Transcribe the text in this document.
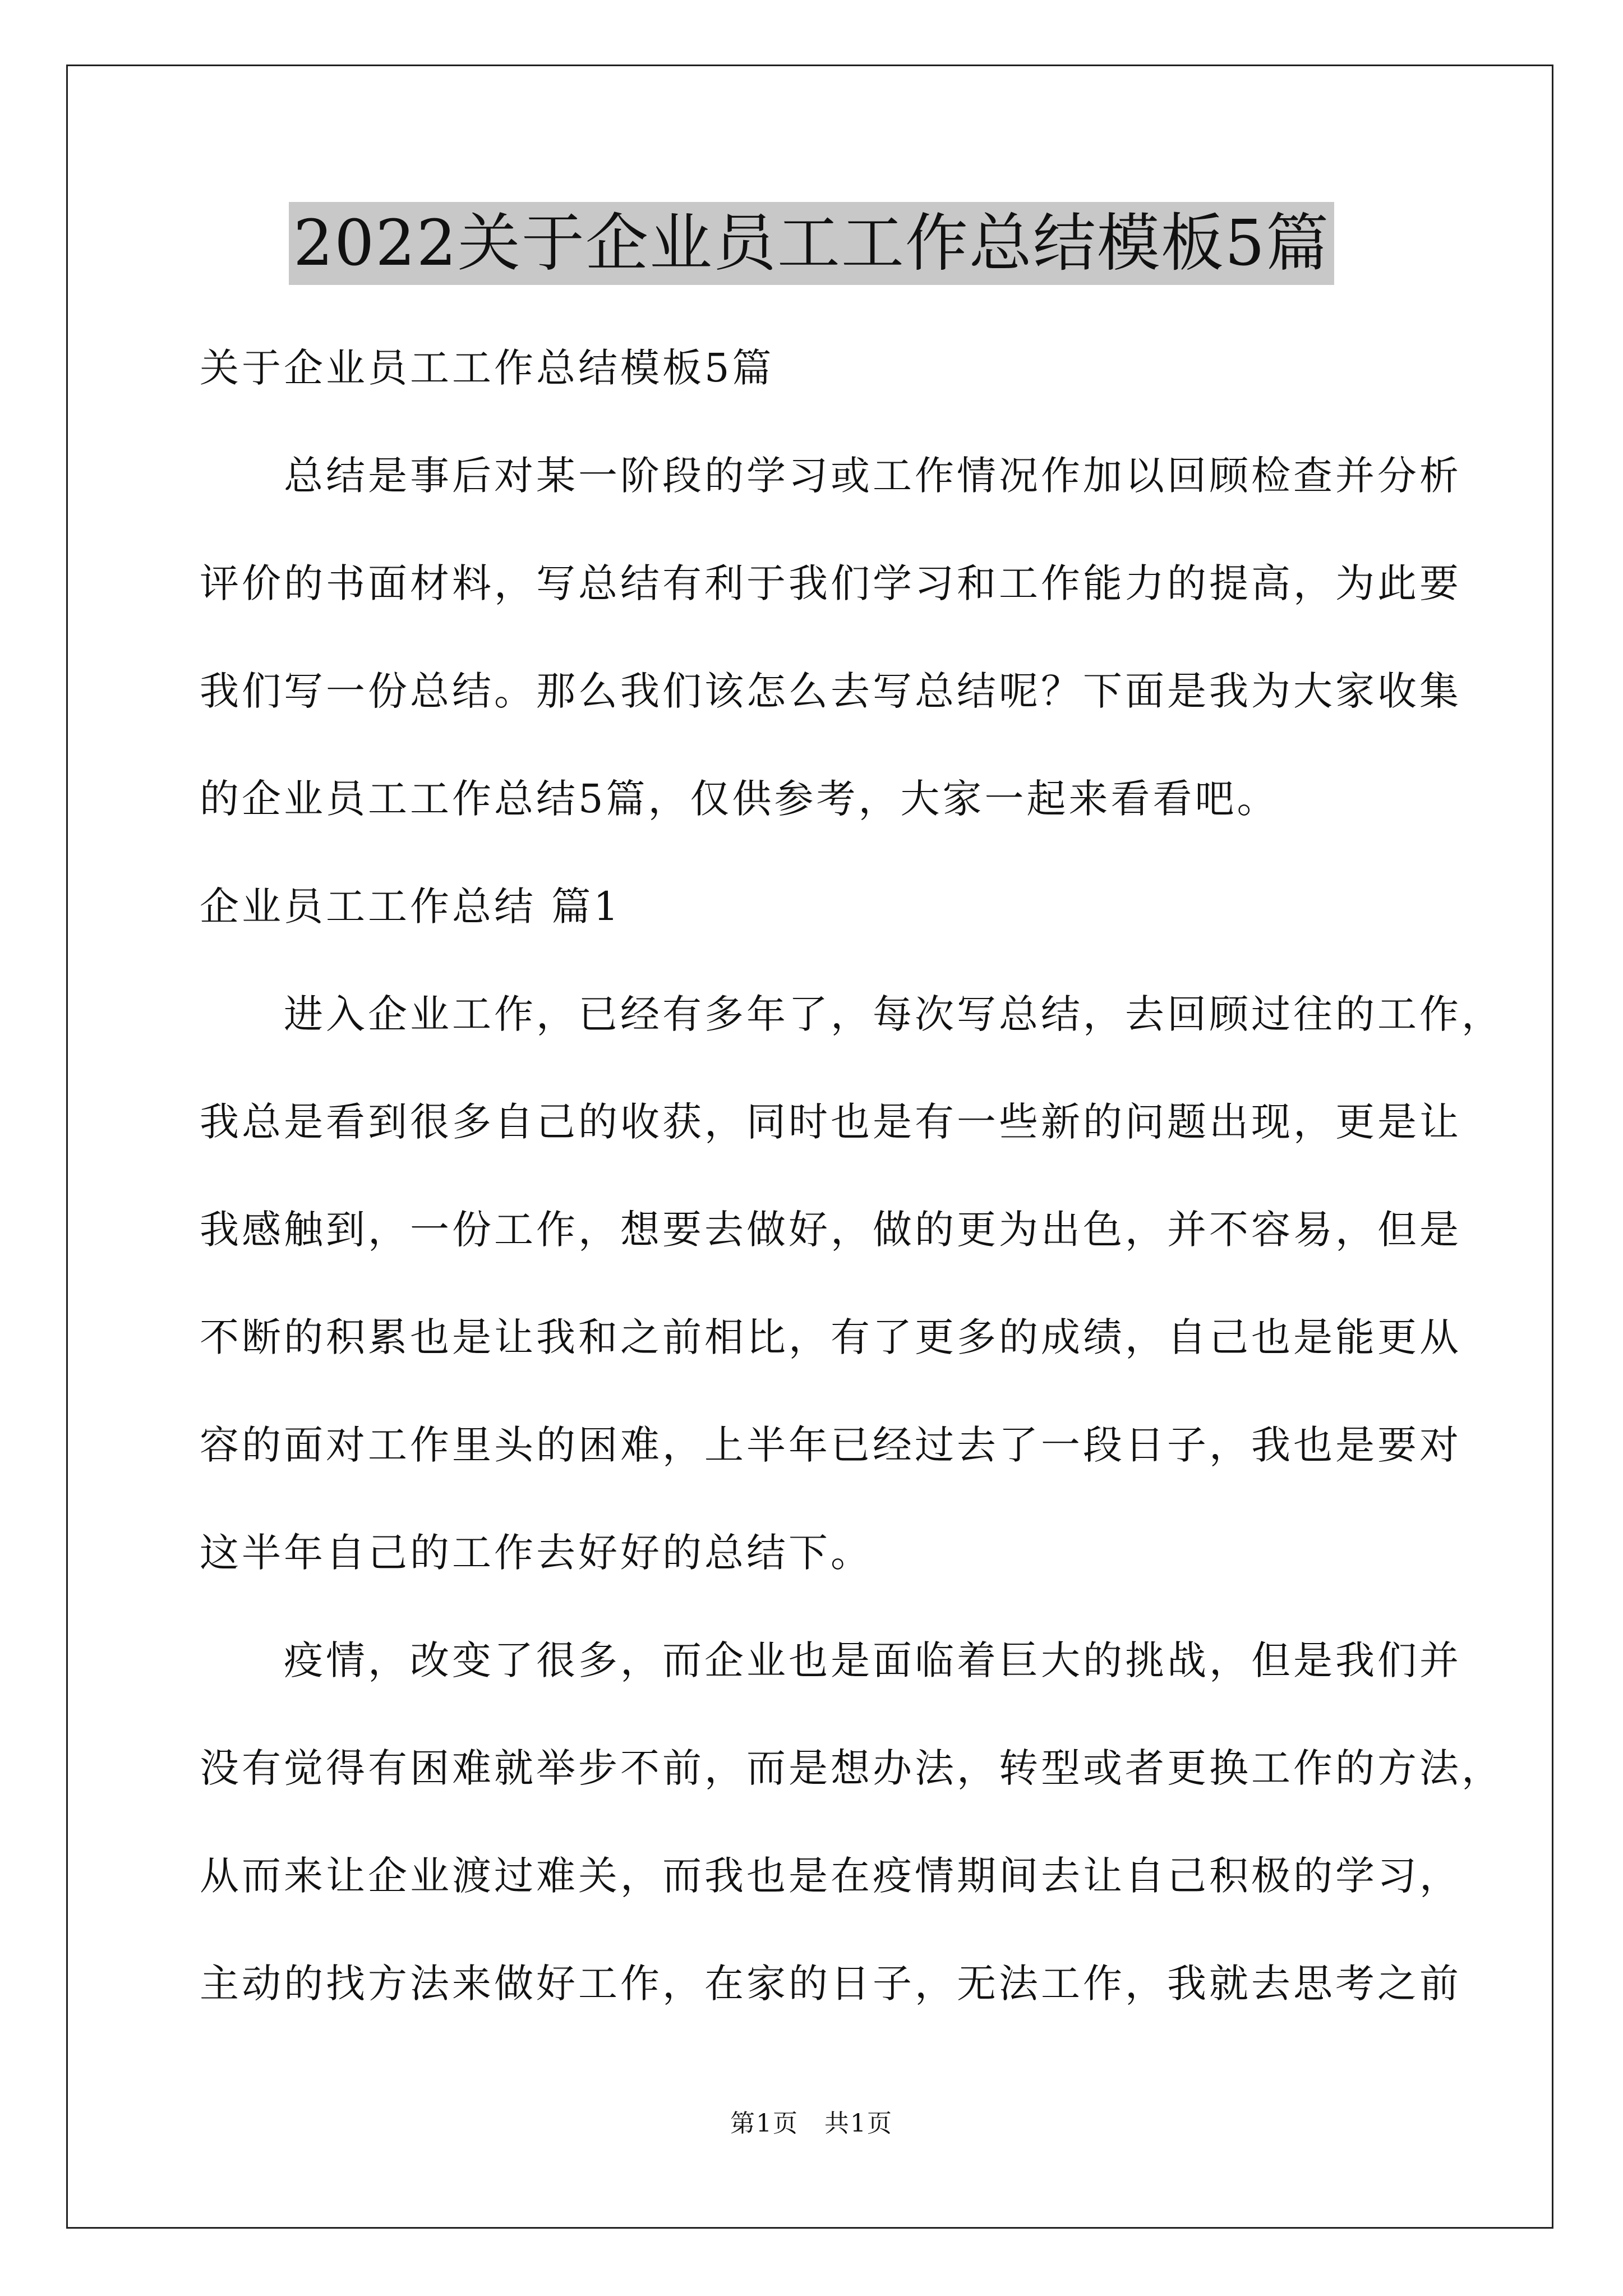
2022关于企业员工工作总结模板5篇
关于企业员工工作总结模板5篇
总结是事后对某一阶段的学习或工作情况作加以回顾检查并分析
评价的书面材料，写总结有利于我们学习和工作能力的提高，为此要
我们写一份总结。那么我们该怎么去写总结呢？下面是我为大家收集
的企业员工工作总结5篇，仅供参考，大家一起来看看吧。
企业员工工作总结 篇1
进入企业工作，已经有多年了，每次写总结，去回顾过往的工作，
我总是看到很多自己的收获，同时也是有一些新的问题出现，更是让
我感触到，一份工作，想要去做好，做的更为出色，并不容易，但是
不断的积累也是让我和之前相比，有了更多的成绩，自己也是能更从
容的面对工作里头的困难，上半年已经过去了一段日子，我也是要对
这半年自己的工作去好好的总结下。
疫情，改变了很多，而企业也是面临着巨大的挑战，但是我们并
没有觉得有困难就举步不前，而是想办法，转型或者更换工作的方法，
从而来让企业渡过难关，而我也是在疫情期间去让自己积极的学习，
主动的找方法来做好工作，在家的日子，无法工作，我就去思考之前
第1页　共1页
